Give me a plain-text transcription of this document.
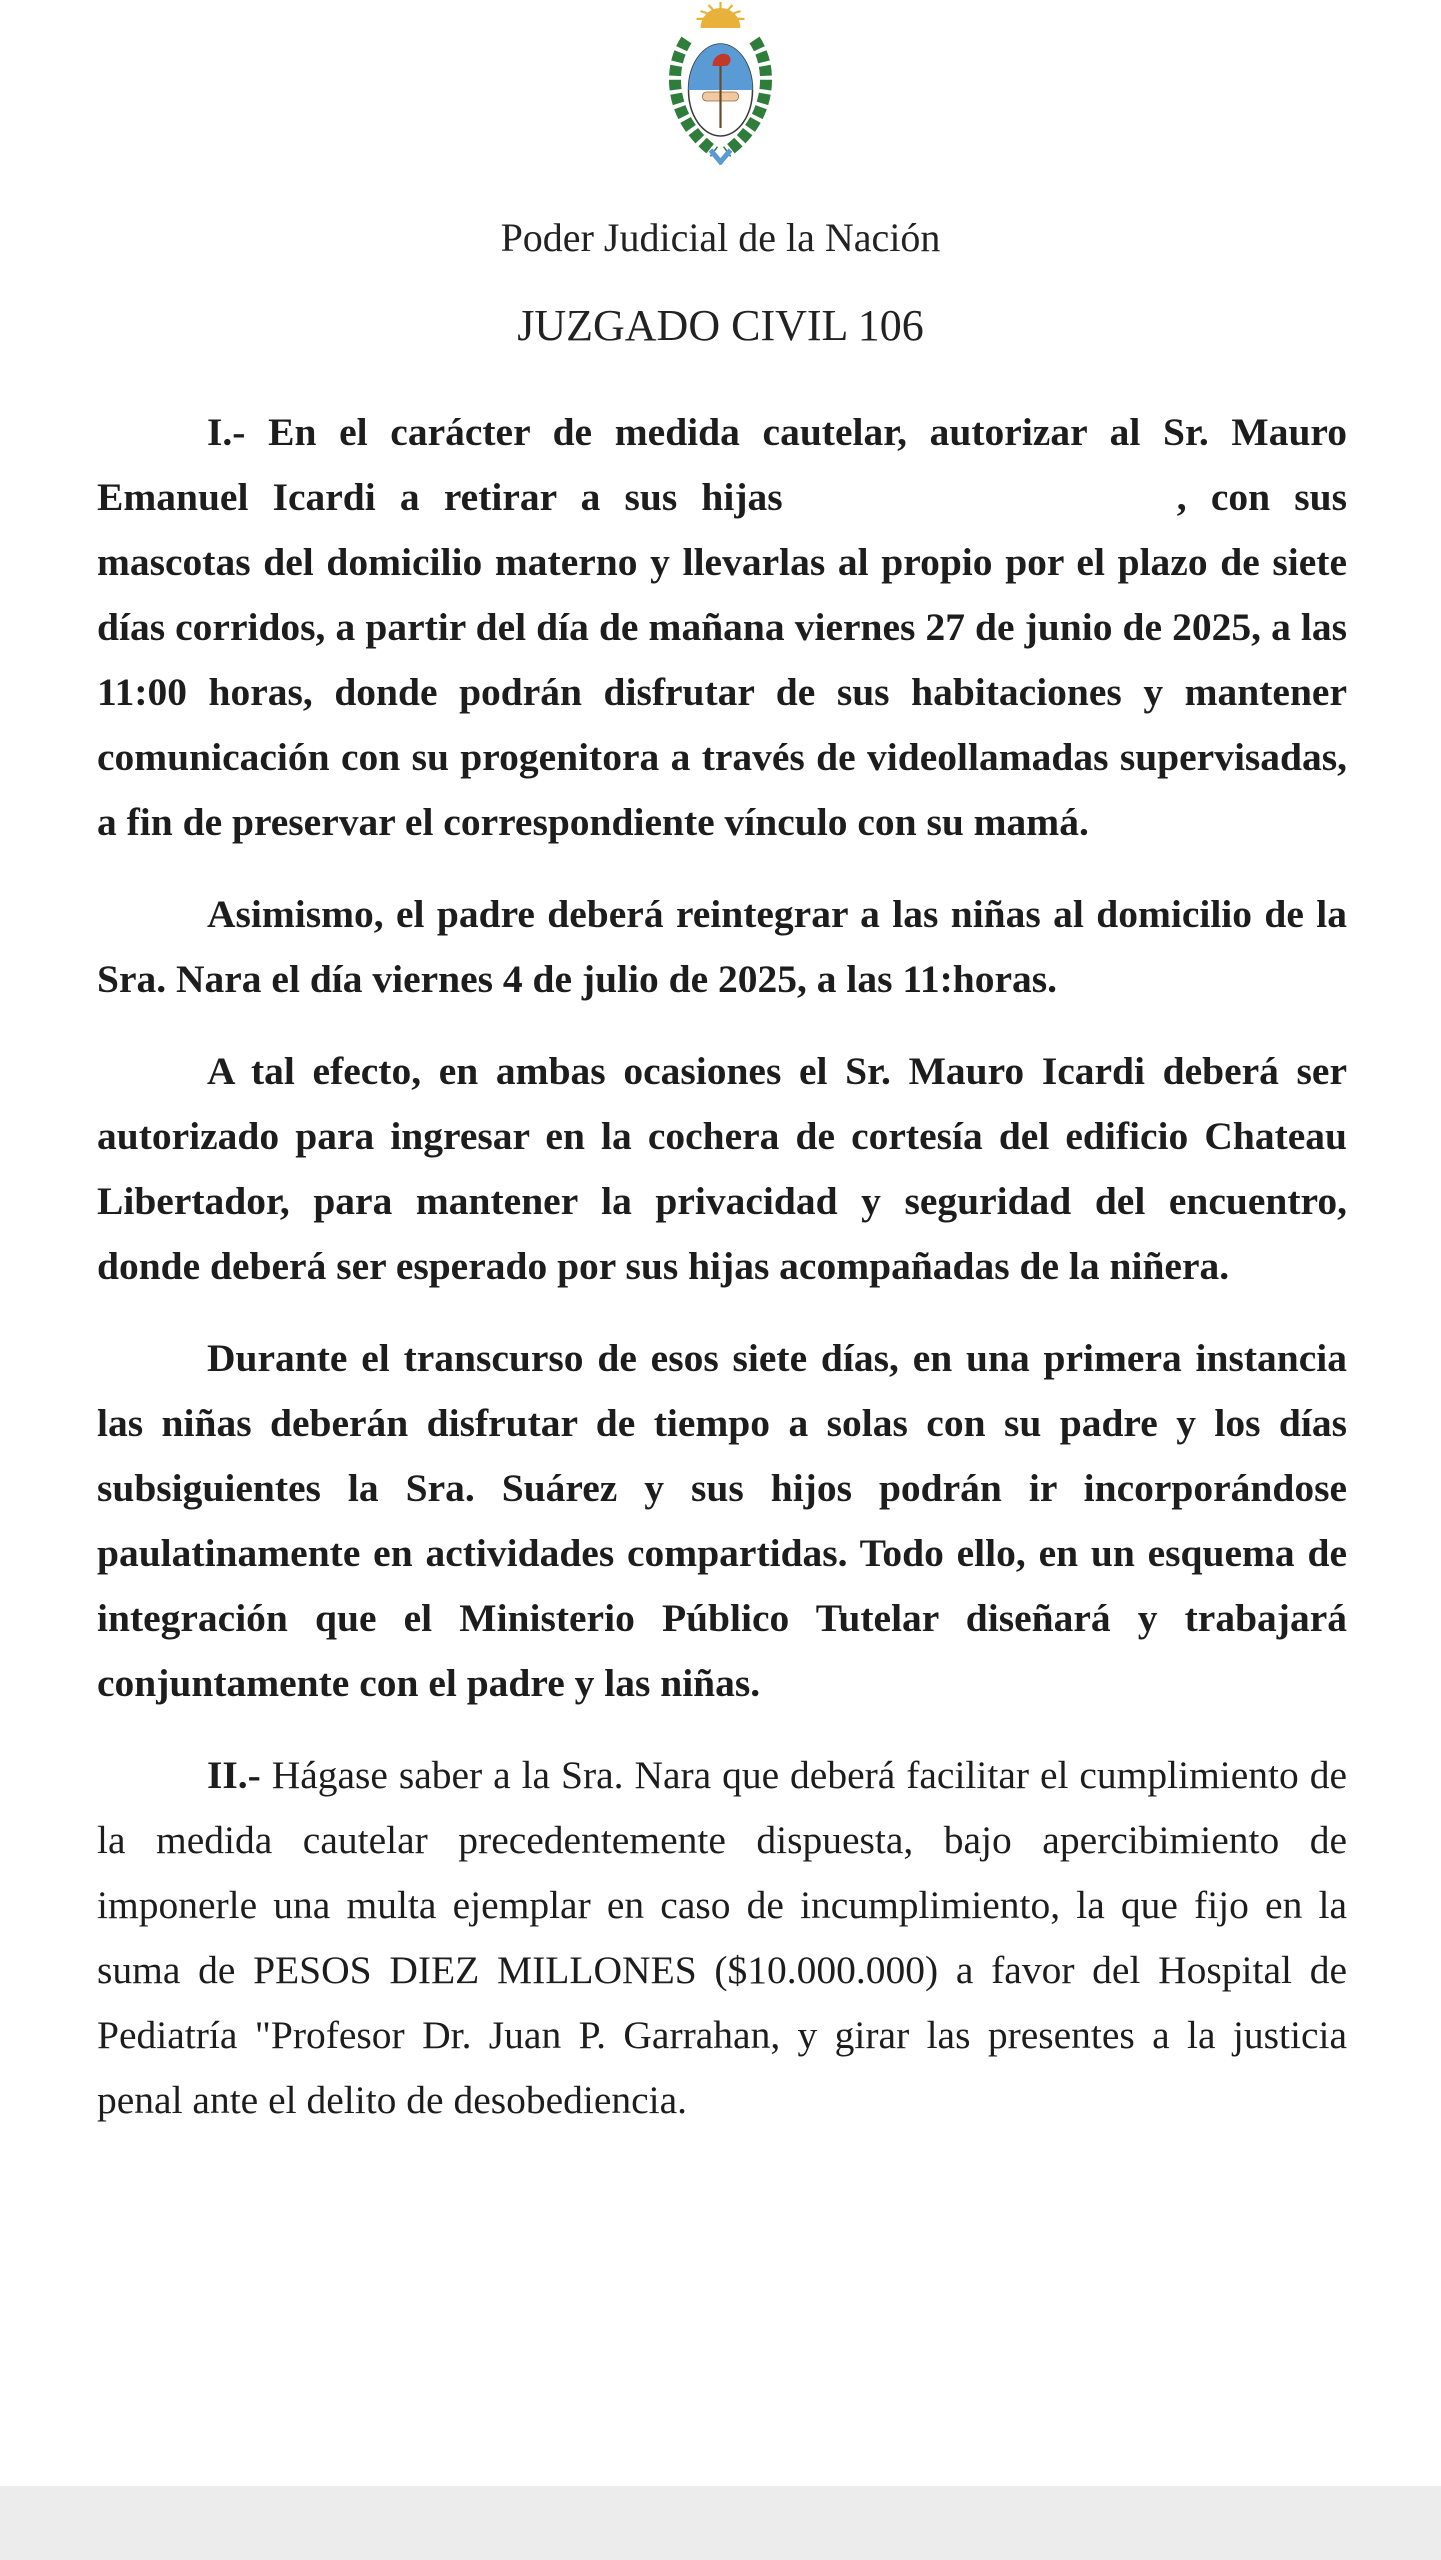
Poder Judicial de la Nación
JUZGADO CIVIL 106

I.- En el carácter de medida cautelar, autorizar al Sr. Mauro Emanuel Icardi a retirar a sus hijas	, con sus mascotas del domicilio materno y llevarlas al propio por el plazo de siete días corridos, a partir del día de mañana viernes 27 de junio de 2025, a las 11:00 horas, donde podrán disfrutar de sus habitaciones y mantener comunicación con su progenitora a través de videollamadas supervisadas, a fin de preservar el correspondiente vínculo con su mamá.

Asimismo, el padre deberá reintegrar a las niñas al domicilio de la Sra. Nara el día viernes 4 de julio de 2025, a las 11:horas.

A tal efecto, en ambas ocasiones el Sr. Mauro Icardi deberá ser autorizado para ingresar en la cochera de cortesía del edificio Chateau Libertador, para mantener la privacidad y seguridad del encuentro, donde deberá ser esperado por sus hijas acompañadas de la niñera.

Durante el transcurso de esos siete días, en una primera instancia las niñas deberán disfrutar de tiempo a solas con su padre y los días subsiguientes la Sra. Suárez y sus hijos podrán ir incorporándose paulatinamente en actividades compartidas. Todo ello, en un esquema de integración que el Ministerio Público Tutelar diseñará y trabajará conjuntamente con el padre y las niñas.

II.- Hágase saber a la Sra. Nara que deberá facilitar el cumplimiento de la medida cautelar precedentemente dispuesta, bajo apercibimiento de imponerle una multa ejemplar en caso de incumplimiento, la que fijo en la suma de PESOS DIEZ MILLONES ($10.000.000) a favor del Hospital de Pediatría "Profesor Dr. Juan P. Garrahan, y girar las presentes a la justicia penal ante el delito de desobediencia.
